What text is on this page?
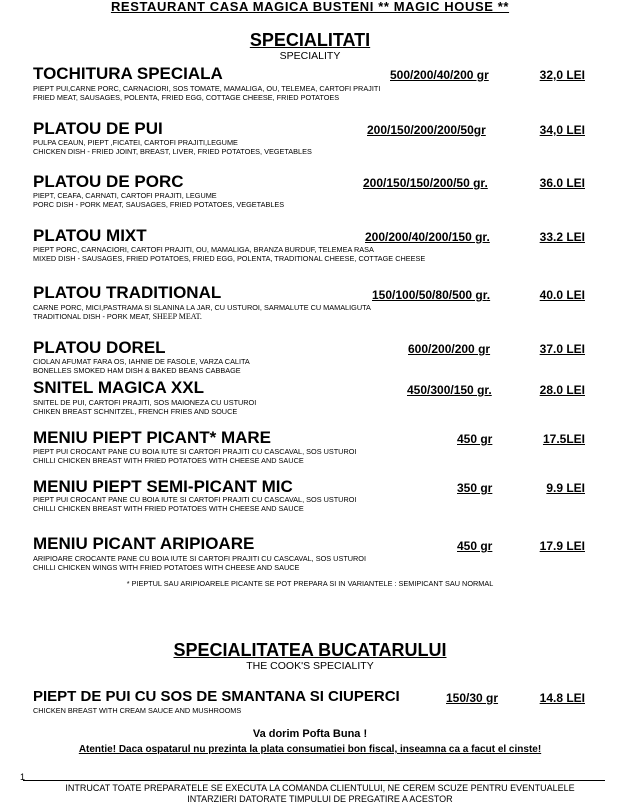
RESTAURANT CASA MAGICA BUSTENI ** MAGIC HOUSE **
SPECIALITATI
SPECIALITY
TOCHITURA SPECIALA	500/200/40/200 gr	32,0 LEI
PIEPT PUI,CARNE PORC, CARNACIORI, SOS TOMATE, MAMALIGA, OU, TELEMEA, CARTOFI PRAJITI
FRIED MEAT, SAUSAGES, POLENTA, FRIED EGG, COTTAGE CHEESE, FRIED POTATOES
PLATOU DE PUI	200/150/200/200/50gr	34,0 LEI
PULPA CEAUN, PIEPT ,FICATEI, CARTOFI PRAJITI,LEGUME
CHICKEN DISH - FRIED JOINT, BREAST, LIVER, FRIED POTATOES, VEGETABLES
PLATOU DE PORC	200/150/150/200/50 gr.	36.0 LEI
PIEPT, CEAFA, CARNATI, CARTOFI PRAJITI, LEGUME
PORC DISH - PORK MEAT, SAUSAGES, FRIED POTATOES, VEGETABLES
PLATOU MIXT	200/200/40/200/150 gr.	33.2 LEI
PIEPT PORC, CARNACIORI, CARTOFI PRAJITI, OU, MAMALIGA, BRANZA BURDUF, TELEMEA RASA
MIXED DISH - SAUSAGES, FRIED POTATOES, FRIED EGG, POLENTA, TRADITIONAL CHEESE, COTTAGE CHEESE
PLATOU TRADITIONAL	150/100/50/80/500 gr.	40.0 LEI
CARNE PORC, MICI,PASTRAMA SI SLANINA LA JAR, CU USTUROI, SARMALUTE CU MAMALIGUTA
TRADITIONAL DISH - PORK MEAT, SHEEP MEAT.
PLATOU DOREL	600/200/200 gr	37.0 LEI
CIOLAN AFUMAT FARA OS, IAHNIE DE FASOLE, VARZA CALITA
BONELLES SMOKED HAM DISH & BAKED BEANS CABBAGE
SNITEL MAGICA XXL	450/300/150 gr.	28.0 LEI
SNITEL DE PUI, CARTOFI PRAJITI, SOS MAIONEZA CU USTUROI
CHIKEN BREAST SCHNITZEL, FRENCH FRIES AND SOUCE
MENIU PIEPT PICANT* MARE	450 gr	17.5LEI
PIEPT PUI CROCANT PANE CU BOIA IUTE SI CARTOFI PRAJITI CU CASCAVAL, SOS USTUROI
CHILLI CHICKEN BREAST WITH FRIED POTATOES WITH CHEESE AND SAUCE
MENIU PIEPT SEMI-PICANT MIC	350 gr	9.9 LEI
PIEPT PUI CROCANT PANE CU BOIA IUTE SI CARTOFI PRAJITI CU CASCAVAL, SOS USTUROI
CHILLI CHICKEN BREAST WITH FRIED POTATOES WITH CHEESE AND SAUCE
MENIU PICANT ARIPIOARE	450 gr	17.9 LEI
ARIPIOARE CROCANTE PANE CU BOIA IUTE SI CARTOFI PRAJITI CU CASCAVAL, SOS USTUROI
CHILLI CHICKEN WINGS WITH FRIED POTATOES WITH CHEESE AND SAUCE
* PIEPTUL SAU ARIPIOARELE PICANTE SE POT PREPARA SI IN VARIANTELE : SEMIPICANT SAU NORMAL
SPECIALITATEA BUCATARULUI
THE COOK'S SPECIALITY
PIEPT DE PUI CU SOS DE SMANTANA SI CIUPERCI	150/30 gr	14.8 LEI
CHICKEN BREAST WITH CREAM SAUCE AND MUSHROOMS
Va dorim Pofta Buna !
Atentie! Daca ospatarul nu prezinta la plata consumatiei bon fiscal, inseamna ca a facut el cinste!
1
INTRUCAT TOATE PREPARATELE SE EXECUTA LA COMANDA CLIENTULUI, NE CEREM SCUZE PENTRU EVENTUALELE
INTARZIERI DATORATE TIMPULUI DE PREGATIRE A ACESTOR
